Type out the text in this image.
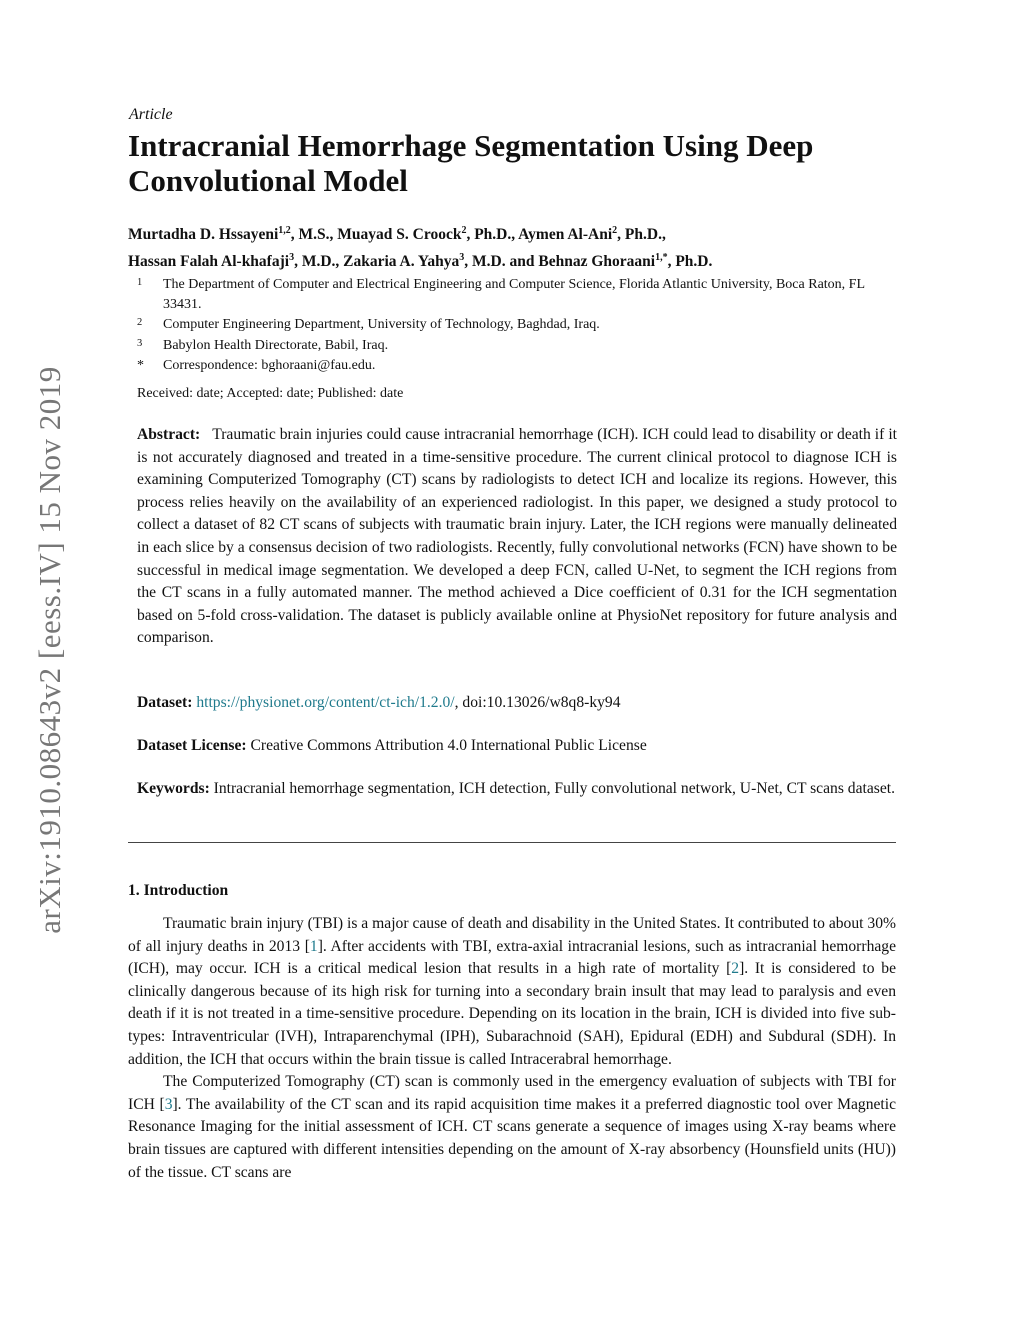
arXiv:1910.08643v2 [eess.IV] 15 Nov 2019
Article
Intracranial Hemorrhage Segmentation Using Deep
Convolutional Model
Murtadha D. Hssayeni$^{1,2}$, M.S., Muayad S. Croock$^2$, Ph.D., Aymen Al-Ani$^2$, Ph.D.,
Hassan Falah Al-khafaji$^3$, M.D., Zakaria A. Yahya$^3$, M.D. and Behnaz Ghoraani$^{1,*}$, Ph.D.
1 The Department of Computer and Electrical Engineering and Computer Science, Florida Atlantic University, Boca Raton, FL 33431.
2 Computer Engineering Department, University of Technology, Baghdad, Iraq.
3 Babylon Health Directorate, Babil, Iraq.
* Correspondence: bghoraani@fau.edu.
Received: date; Accepted: date; Published: date
Abstract: Traumatic brain injuries could cause intracranial hemorrhage (ICH). ICH could lead to disability or death if it is not accurately diagnosed and treated in a time-sensitive procedure. The current clinical protocol to diagnose ICH is examining Computerized Tomography (CT) scans by radiologists to detect ICH and localize its regions. However, this process relies heavily on the availability of an experienced radiologist. In this paper, we designed a study protocol to collect a dataset of 82 CT scans of subjects with traumatic brain injury. Later, the ICH regions were manually delineated in each slice by a consensus decision of two radiologists. Recently, fully convolutional networks (FCN) have shown to be successful in medical image segmentation. We developed a deep FCN, called U-Net, to segment the ICH regions from the CT scans in a fully automated manner. The method achieved a Dice coefficient of 0.31 for the ICH segmentation based on 5-fold cross-validation. The dataset is publicly available online at PhysioNet repository for future analysis and comparison.
Dataset: https://physionet.org/content/ct-ich/1.2.0/, doi:10.13026/w8q8-ky94
Dataset License: Creative Commons Attribution 4.0 International Public License
Keywords: Intracranial hemorrhage segmentation, ICH detection, Fully convolutional network, U-Net, CT scans dataset.
1. Introduction

Traumatic brain injury (TBI) is a major cause of death and disability in the United States. It contributed to about 30% of all injury deaths in 2013 [1]. After accidents with TBI, extra-axial intracranial lesions, such as intracranial hemorrhage (ICH), may occur. ICH is a critical medical lesion that results in a high rate of mortality [2]. It is considered to be clinically dangerous because of its high risk for turning into a secondary brain insult that may lead to paralysis and even death if it is not treated in a time-sensitive procedure. Depending on its location in the brain, ICH is divided into five sub-types: Intraventricular (IVH), Intraparenchymal (IPH), Subarachnoid (SAH), Epidural (EDH) and Subdural (SDH). In addition, the ICH that occurs within the brain tissue is called Intracerabral hemorrhage.

The Computerized Tomography (CT) scan is commonly used in the emergency evaluation of subjects with TBI for ICH [3]. The availability of the CT scan and its rapid acquisition time makes it a preferred diagnostic tool over Magnetic Resonance Imaging for the initial assessment of ICH. CT scans generate a sequence of images using X-ray beams where brain tissues are captured with different intensities depending on the amount of X-ray absorbency (Hounsfield units (HU)) of the tissue. CT scans are
